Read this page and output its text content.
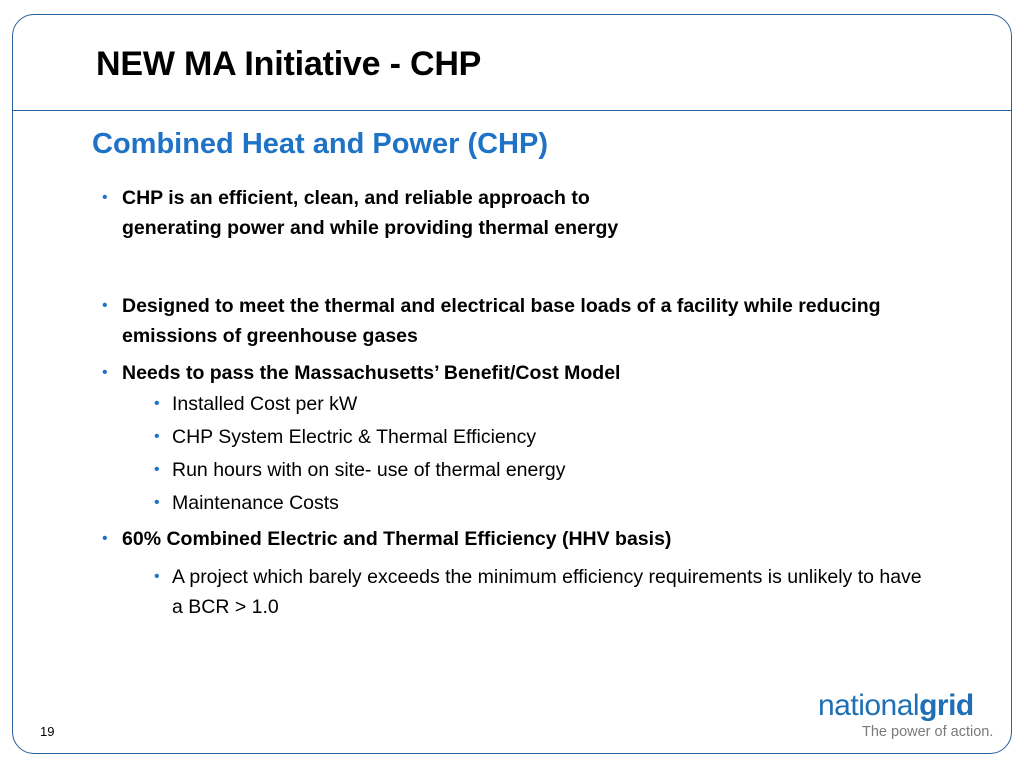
NEW MA Initiative - CHP
Combined Heat and Power (CHP)
• CHP is an efficient, clean, and reliable approach to
generating power and while providing thermal energy
• Designed to meet the thermal and electrical base loads of a facility while reducing emissions of greenhouse gases
• Needs to pass the Massachusetts’ Benefit/Cost Model
• Installed Cost per kW
• CHP System Electric & Thermal Efficiency
• Run hours with on site- use of thermal energy
• Maintenance Costs
• 60% Combined Electric and Thermal Efficiency (HHV basis)
• A project which barely exceeds the minimum efficiency requirements is unlikely to have a BCR > 1.0
19
nationalgrid
The power of action.
